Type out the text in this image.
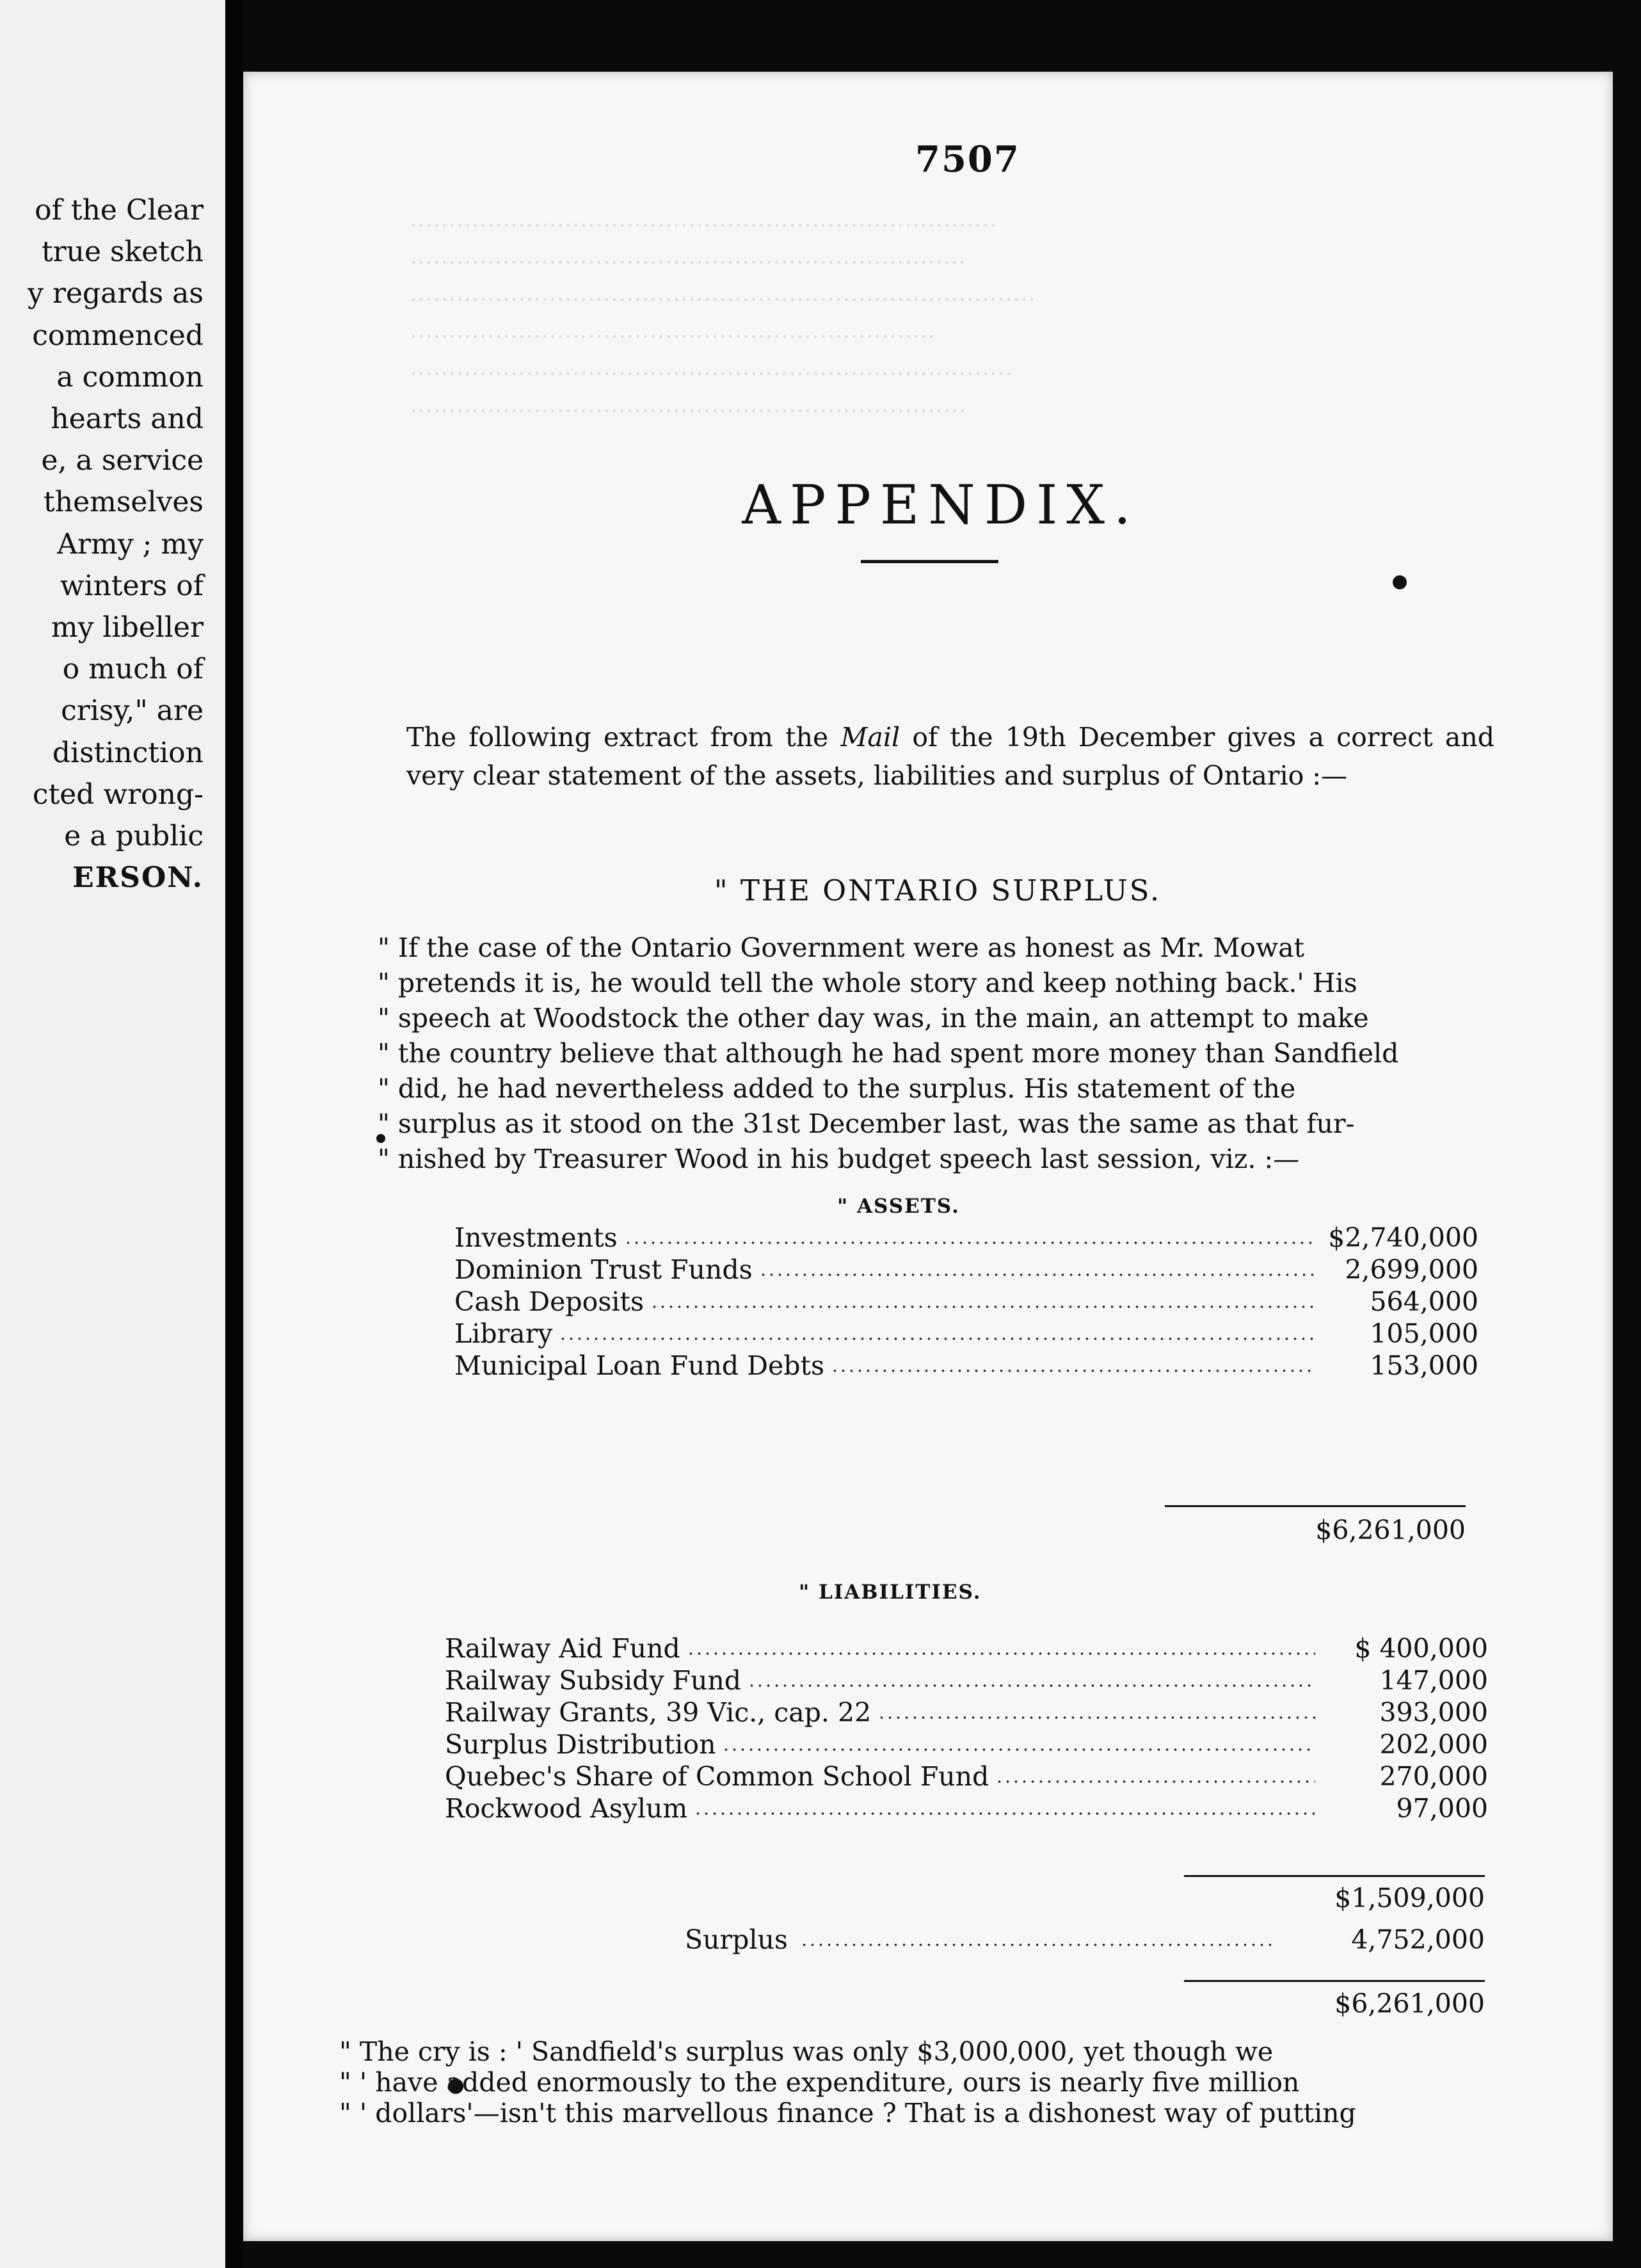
of the Clear
true sketch
y regards as
commenced
a common
hearts and
e, a service
themselves
Army ; my
winters of
my libeller
o much of
crisy," are
distinction
cted wrong-
e a public
ERSON.
............................................................................
........................................................................
.................................................................................
....................................................................
..............................................................................
........................................................................
7507
APPENDIX.

The following extract from the Mail of the 19th December gives a correct and very clear statement of the assets, liabilities and surplus of Ontario :—

" THE ONTARIO SURPLUS.
" If the case of the Ontario Government were as honest as Mr. Mowat
" pretends it is, he would tell the whole story and keep nothing back.' His
" speech at Woodstock the other day was, in the main, an attempt to make
" the country believe that although he had spent more money than Sandfield
" did, he had nevertheless added to the surplus. His statement of the
" surplus as it stood on the 31st December last, was the same as that fur-
" nished by Treasurer Wood in his budget speech last session, viz. :—
" ASSETS.
Investments	$2,740,000
Dominion Trust Funds	2,699,000
Cash Deposits	564,000
Library	105,000
Municipal Loan Fund Debts	153,000
$6,261,000
" LIABILITIES.
Railway Aid Fund	$ 400,000
Railway Subsidy Fund	147,000
Railway Grants, 39 Vic., cap. 22	393,000
Surplus Distribution	202,000
Quebec's Share of Common School Fund	270,000
Rockwood Asylum	97,000
$1,509,000
Surplus	4,752,000
$6,261,000
" The cry is : ' Sandfield's surplus was only $3,000,000, yet though we
" ' have added enormously to the expenditure, ours is nearly five million
" ' dollars'—isn't this marvellous finance ? That is a dishonest way of putting
